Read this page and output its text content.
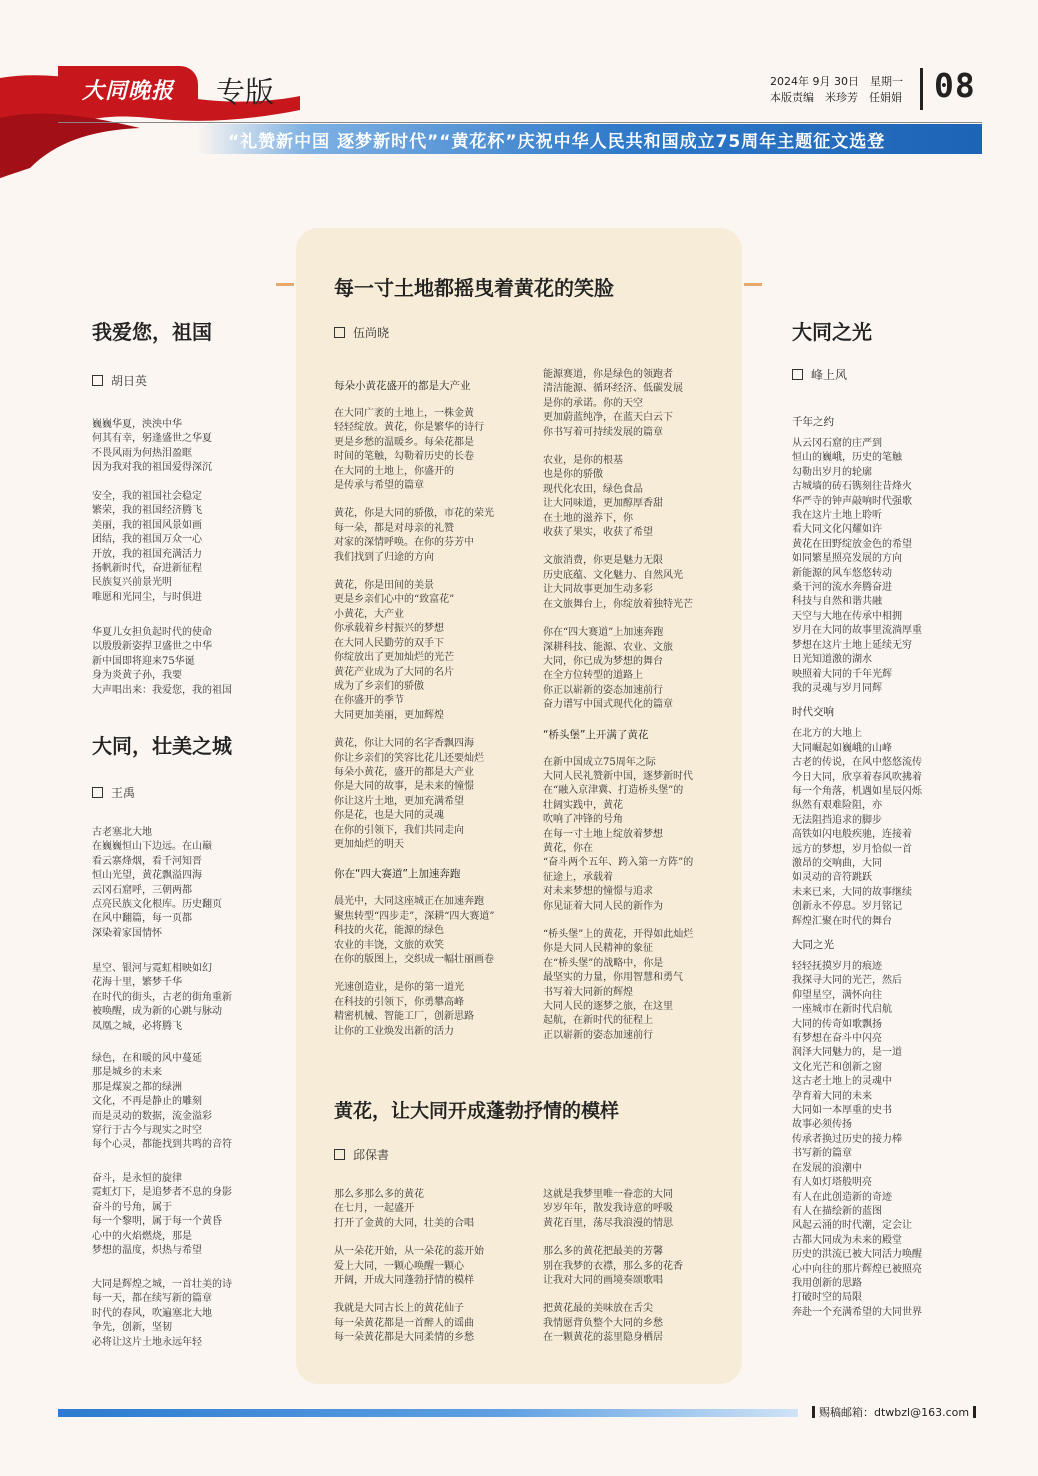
大同晚报	专版	2024年 9月 30日　星期一
本版责编　米珍芳　任娟娟 08
“礼赞新中国 逐梦新时代”“黄花杯”庆祝中华人民共和国成立75周年主题征文选登
我爱您，祖国
胡日英
巍巍华夏，泱泱中华
何其有幸，躬逢盛世之华夏
不畏风雨为何热泪盈眶
因为我对我的祖国爱得深沉
安全，我的祖国社会稳定
繁荣，我的祖国经济腾飞
美丽，我的祖国风景如画
团结，我的祖国万众一心
开放，我的祖国充满活力
扬帆新时代，奋进新征程
民族复兴前景光明
唯愿和光同尘，与时俱进
华夏儿女担负起时代的使命
以殷殷新姿捍卫盛世之中华
新中国即将迎来75华诞
身为炎黄子孙，我要
大声唱出来：我爱您，我的祖国
大同，壮美之城
王禹
古老塞北大地
在巍巍恒山下边远。在山巅
看云寨烽烟，看千河知晋
恒山光望，黄花飘溢四海
云冈石窟呼，三朝两都
点亮民族文化根库。历史翻页
在风中翻篇，每一页都
深染着家国情怀
星空、银河与霓虹相映如幻
花海十里，繁梦千华
在时代的街头，古老的街角重新
被唤醒，成为新的心跳与脉动
凤凰之城，必将腾飞
绿色，在和暖的风中蔓延
那是城乡的未来
那是煤炭之都的绿洲
文化，不再是静止的雕刻
而是灵动的数据，流金溢彩
穿行于古今与现实之时空
每个心灵，都能找到共鸣的音符
奋斗，是永恒的旋律
霓虹灯下，是追梦者不息的身影
奋斗的号角，属于
每一个黎明，属于每一个黄昏
心中的火焰燃烧，那是
梦想的温度，炽热与希望
大同是辉煌之城，一首壮美的诗
每一天，都在续写新的篇章
时代的春风，吹遍塞北大地
争先，创新，坚韧
必将让这片土地永远年轻
每一寸土地都摇曳着黄花的笑脸
伍尚晓
每朵小黄花盛开的都是大产业
在大同广袤的土地上，一株金黄
轻轻绽放。黄花，你是繁华的诗行
更是乡愁的温暖乡。每朵花都是
时间的笔触，勾勒着历史的长卷
在大同的土地上，你盛开的
是传承与希望的篇章
黄花，你是大同的骄傲，市花的荣光
每一朵，都是对母亲的礼赞
对家的深情呼唤。在你的芬芳中
我们找到了归途的方向
黄花，你是田间的美景
更是乡亲们心中的“致富花”
小黄花，大产业
你承载着乡村振兴的梦想
在大同人民勤劳的双手下
你绽放出了更加灿烂的光芒
黄花产业成为了大同的名片
成为了乡亲们的骄傲
在你盛开的季节
大同更加美丽，更加辉煌
黄花，你让大同的名字香飘四海
你让乡亲们的笑容比花儿还要灿烂
每朵小黄花，盛开的都是大产业
你是大同的故事，是未来的憧憬
你让这片土地，更加充满希望
你是花，也是大同的灵魂
在你的引领下，我们共同走向
更加灿烂的明天
你在“四大赛道”上加速奔跑
晨光中，大同这座城正在加速奔跑
聚焦转型“四步走”，深耕“四大赛道”
科技的火花，能源的绿色
农业的丰饶，文旅的欢笑
在你的版图上，交织成一幅壮丽画卷
光速创造业，是你的第一道光
在科技的引领下，你勇攀高峰
精密机械、智能工厂，创新思路
让你的工业焕发出新的活力
能源赛道，你是绿色的领跑者
清洁能源、循环经济、低碳发展
是你的承诺。你的天空
更加蔚蓝纯净，在蓝天白云下
你书写着可持续发展的篇章
农业，是你的根基
也是你的骄傲
现代化农田，绿色食品
让大同味道，更加醇厚香甜
在土地的滋养下，你
收获了果实，收获了希望
文旅消费，你更是魅力无限
历史底蕴、文化魅力、自然风光
让大同故事更加生动多彩
在文旅舞台上，你绽放着独特光芒
你在“四大赛道”上加速奔跑
深耕科技、能源、农业、文旅
大同，你已成为梦想的舞台
在全方位转型的道路上
你正以崭新的姿态加速前行
奋力谱写中国式现代化的篇章
“桥头堡”上开满了黄花
在新中国成立75周年之际
大同人民礼赞新中国，逐梦新时代
在“融入京津冀、打造桥头堡”的
壮阔实践中，黄花
吹响了冲锋的号角
在每一寸土地上绽放着梦想
黄花，你在
“奋斗两个五年、跨入第一方阵”的
征途上，承载着
对未来梦想的憧憬与追求
你见证着大同人民的新作为
“桥头堡”上的黄花，开得如此灿烂
你是大同人民精神的象征
在“桥头堡”的战略中，你是
最坚实的力量，你用智慧和勇气
书写着大同新的辉煌
大同人民的逐梦之旅，在这里
起航，在新时代的征程上
正以崭新的姿态加速前行
黄花，让大同开成蓬勃抒情的模样
邱保書
那么多那么多的黄花
在七月，一起盛开
打开了金黄的大同，壮美的合唱
从一朵花开始，从一朵花的蕊开始
爱上大同，一颗心唤醒一颗心
开阔，开成大同蓬勃抒情的模样
我就是大同古长上的黄花仙子
每一朵黄花都是一首醉人的谣曲
每一朵黄花都是大同柔情的乡愁
这就是我梦里唯一眷恋的大同
岁岁年年，散发我诗意的呼吸
黄花百里，荡尽我浪漫的情思
那么多的黄花把最美的芳馨
别在我梦的衣襟，那么多的花香
让我对大同的画境奏颂歌唱
把黄花最的美味放在舌尖
我情愿背负整个大同的乡愁
在一颗黄花的蕊里隐身栖居
大同之光
峰上风
千年之约
从云冈石窟的庄严到
恒山的巍峨，历史的笔触
勾勒出岁月的轮廓
古城墙的砖石镌刻往昔烽火
华严寺的钟声敲响时代强歌
我在这片土地上聆听
看大同文化闪耀如许
黄花在田野绽放金色的希望
如同繁星照亮发展的方向
新能源的风车悠悠转动
桑干河的流水奔腾奋进
科技与自然和谐共融
天空与大地在传承中相拥
岁月在大同的故事里流淌厚重
梦想在这片土地上延续无穷
日光知道激的湖水
映照着大同的千年光辉
我的灵魂与岁月同辉
时代交响
在北方的大地上
大同崛起如巍峨的山峰
古老的传说，在风中悠悠流传
今日大同，欣享着春风吹拂着
每一个角落，机遇如星辰闪烁
纵然有艰难险阻，亦
无法阻挡追求的脚步
高铁如闪电般疾驰，连接着
远方的梦想，岁月恰似一首
激昂的交响曲，大同
如灵动的音符跳跃
未来已来，大同的故事继续
创新永不停息。岁月铭记
辉煌汇聚在时代的舞台
大同之光
轻轻抚摸岁月的痕迹
我探寻大同的光芒，然后
仰望星空，满怀向往
一座城市在新时代启航
大同的传奇如歌飘扬
有梦想在奋斗中闪亮
润泽大同魅力的，是一道
文化光芒和创新之窗
这古老土地上的灵魂中
孕育着大同的未来
大同如一本厚重的史书
故事必须传扬
传承者换过历史的接力棒
书写新的篇章
在发展的浪潮中
有人如灯塔般明亮
有人在此创造新的奇迹
有人在描绘新的蓝图
风起云涌的时代潮，定会让
古都大同成为未来的殿堂
历史的洪流已被大同活力唤醒
心中向往的那片辉煌已被照亮
我用创新的思路
打破时空的局限
奔赴一个充满希望的大同世界
赐稿邮箱：dtwbzl@163.com
